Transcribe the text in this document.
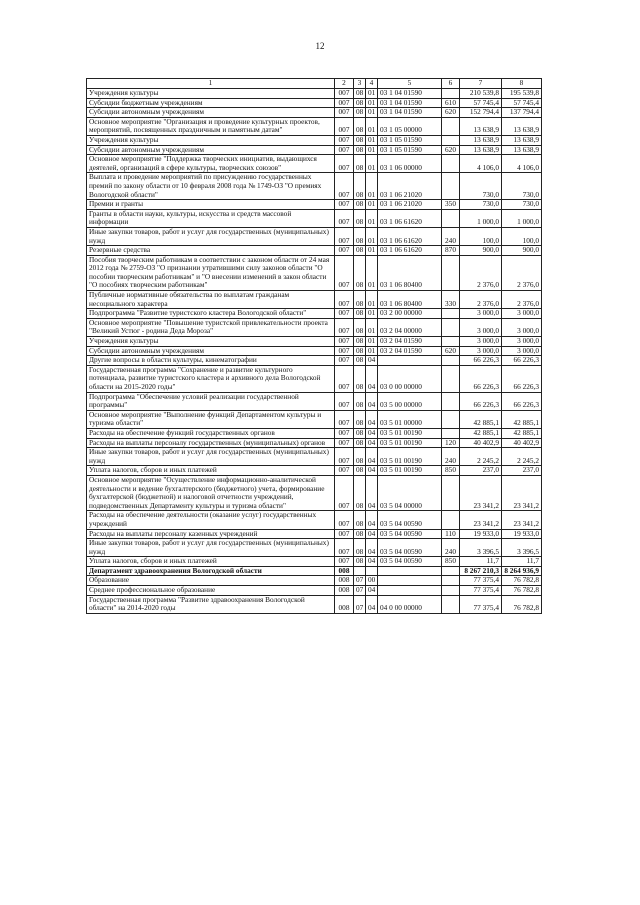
12
1	2	3	4	5	6	7	8
Учреждения культуры	007	08	01	03 1 04 01590		210 539,8	195 539,8
Субсидии бюджетным учреждениям	007	08	01	03 1 04 01590	610	57 745,4	57 745,4
Субсидии автономным учреждениям	007	08	01	03 1 04 01590	620	152 794,4	137 794,4
Основное мероприятие "Организация и проведение культурных проектов, мероприятий, посвященных праздничным и памятным датам"	007	08	01	03 1 05 00000		13 638,9	13 638,9
Учреждения культуры	007	08	01	03 1 05 01590		13 638,9	13 638,9
Субсидии автономным учреждениям	007	08	01	03 1 05 01590	620	13 638,9	13 638,9
Основное мероприятие "Поддержка творческих инициатив, выдающихся деятелей, организаций в сфере культуры, творческих союзов"	007	08	01	03 1 06 00000		4 106,0	4 106,0
Выплата и проведение мероприятий по присуждению государственных премий по закону области от 10 февраля 2008 года № 1749-ОЗ "О премиях Вологодской области"	007	08	01	03 1 06 21020		730,0	730,0
Премии и гранты	007	08	01	03 1 06 21020	350	730,0	730,0
Гранты в области науки, культуры, искусства и средств массовой информации	007	08	01	03 1 06 61620		1 000,0	1 000,0
Иные закупки товаров, работ и услуг для государственных (муниципальных) нужд	007	08	01	03 1 06 61620	240	100,0	100,0
Резервные средства	007	08	01	03 1 06 61620	870	900,0	900,0
Пособия творческим работникам в соответствии с законом области от 24 мая 2012 года № 2759-ОЗ "О признании утратившими силу законов области "О пособии творческим работникам" и "О внесении изменений в закон области "О пособиях творческим работникам"	007	08	01	03 1 06 80400		2 376,0	2 376,0
Публичные нормативные обязательства по выплатам гражданам несоциального характера	007	08	01	03 1 06 80400	330	2 376,0	2 376,0
Подпрограмма "Развитие туристского кластера Вологодской области"	007	08	01	03 2 00 00000		3 000,0	3 000,0
Основное мероприятие "Повышение туристской привлекательности проекта "Великий Устюг - родина Деда Мороза"	007	08	01	03 2 04 00000		3 000,0	3 000,0
Учреждения культуры	007	08	01	03 2 04 01590		3 000,0	3 000,0
Субсидии автономным учреждениям	007	08	01	03 2 04 01590	620	3 000,0	3 000,0
Другие вопросы в области культуры, кинематографии	007	08	04			66 226,3	66 226,3
Государственная программа "Сохранение и развитие культурного потенциала, развитие туристского кластера и архивного дела Вологодской области на 2015-2020 годы"	007	08	04	03 0 00 00000		66 226,3	66 226,3
Подпрограмма "Обеспечение условий реализации государственной программы"	007	08	04	03 5 00 00000		66 226,3	66 226,3
Основное мероприятие "Выполнение функций Департаментом культуры и туризма области"	007	08	04	03 5 01 00000		42 885,1	42 885,1
Расходы на обеспечение функций государственных органов	007	08	04	03 5 01 00190		42 885,1	42 885,1
Расходы на выплаты персоналу государственных (муниципальных) органов	007	08	04	03 5 01 00190	120	40 402,9	40 402,9
Иные закупки товаров, работ и услуг для государственных (муниципальных) нужд	007	08	04	03 5 01 00190	240	2 245,2	2 245,2
Уплата налогов, сборов и иных платежей	007	08	04	03 5 01 00190	850	237,0	237,0
Основное мероприятие "Осуществление информационно-аналитической деятельности и ведение бухгалтерского (бюджетного) учета, формирование бухгалтерской (бюджетной) и налоговой отчетности учреждений, подведомственных Департаменту культуры и туризма области"	007	08	04	03 5 04 00000		23 341,2	23 341,2
Расходы на обеспечение деятельности (оказание услуг) государственных учреждений	007	08	04	03 5 04 00590		23 341,2	23 341,2
Расходы на выплаты персоналу казенных учреждений	007	08	04	03 5 04 00590	110	19 933,0	19 933,0
Иные закупки товаров, работ и услуг для государственных (муниципальных) нужд	007	08	04	03 5 04 00590	240	3 396,5	3 396,5
Уплата налогов, сборов и иных платежей	007	08	04	03 5 04 00590	850	11,7	11,7
Департамент здравоохранения Вологодской области	008					8 267 210,3	8 264 936,9
Образование	008	07	00			77 375,4	76 782,8
Среднее профессиональное образование	008	07	04			77 375,4	76 782,8
Государственная программа "Развитие здравоохранения Вологодской области" на 2014-2020 годы	008	07	04	04 0 00 00000		77 375,4	76 782,8
